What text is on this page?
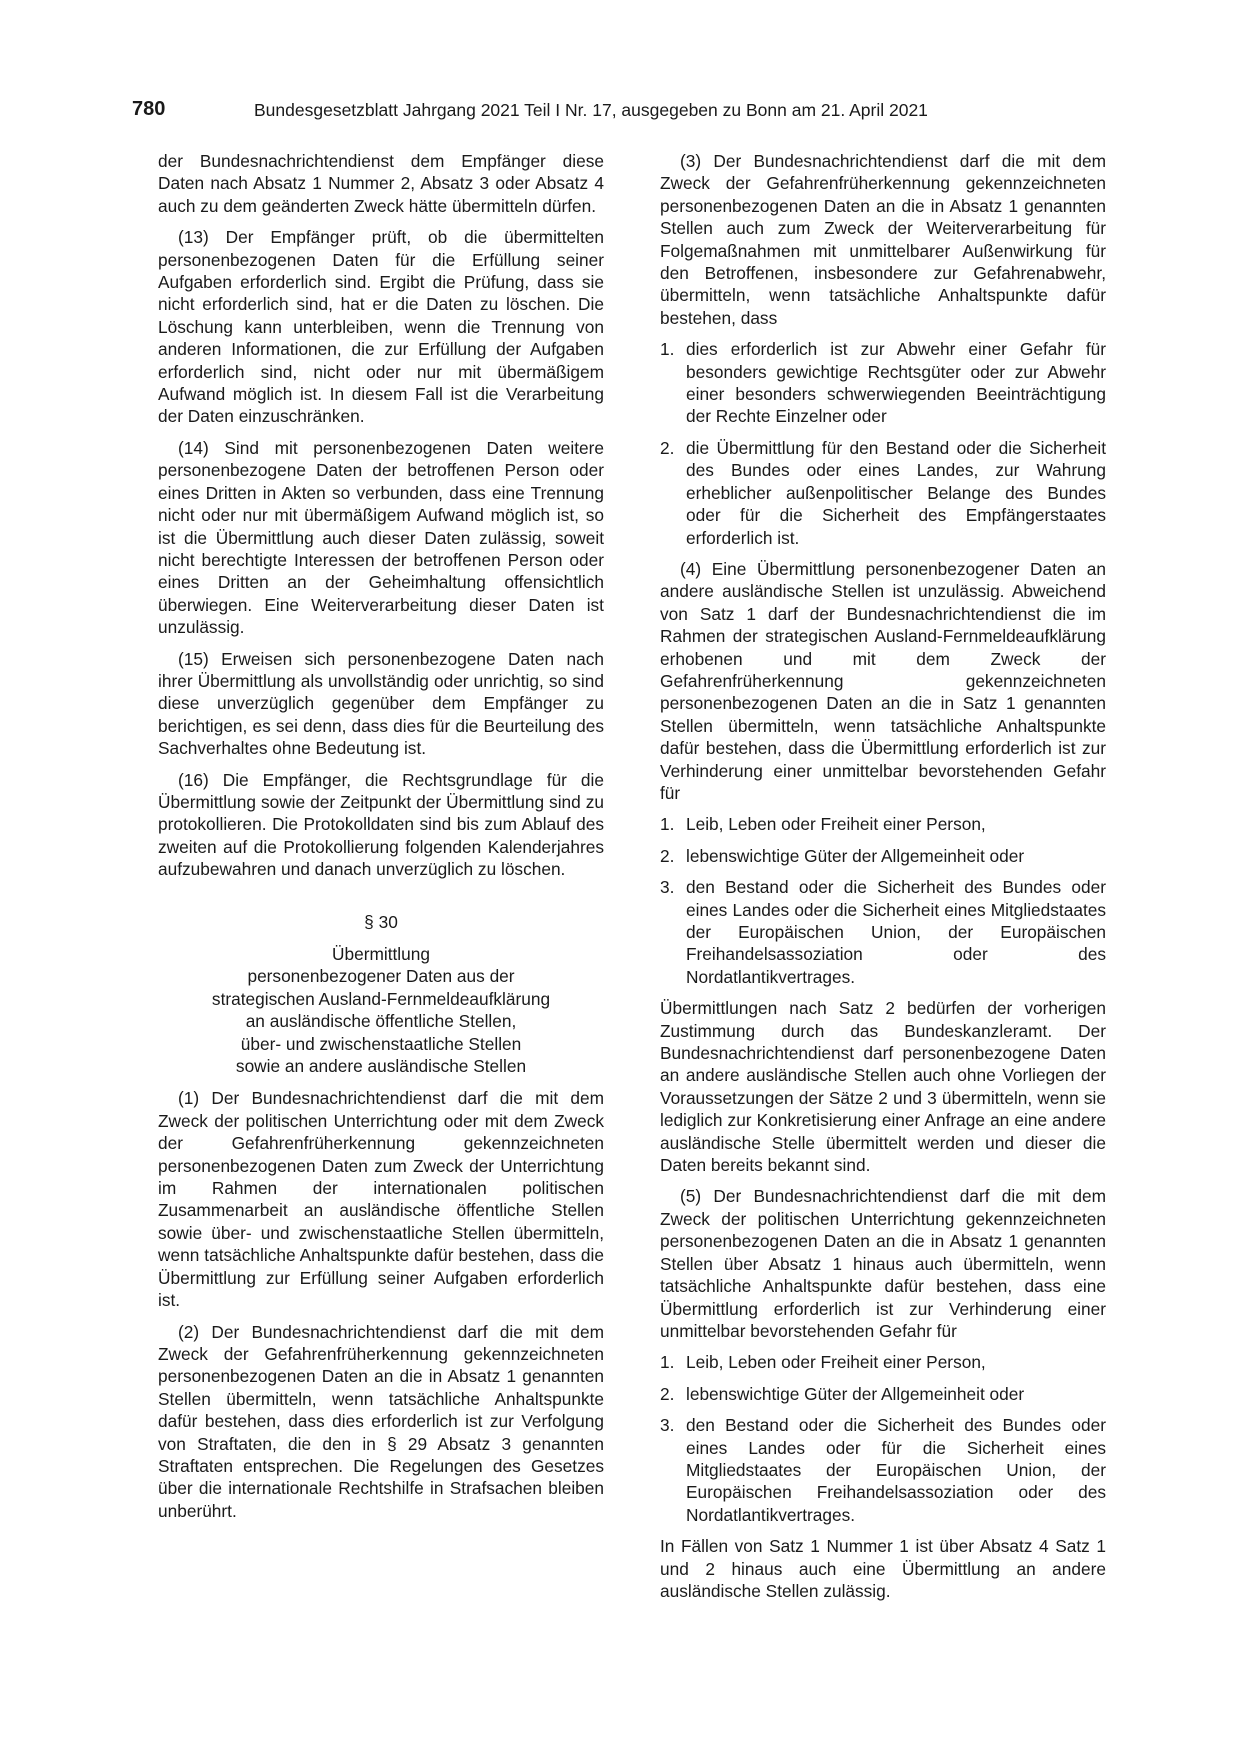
780	Bundesgesetzblatt Jahrgang 2021 Teil I Nr. 17, ausgegeben zu Bonn am 21. April 2021

der Bundesnachrichtendienst dem Empfänger diese Daten nach Absatz 1 Nummer 2, Absatz 3 oder Absatz 4 auch zu dem geänderten Zweck hätte übermitteln dürfen.

(13) Der Empfänger prüft, ob die übermittelten personenbezogenen Daten für die Erfüllung seiner Aufgaben erforderlich sind. Ergibt die Prüfung, dass sie nicht erforderlich sind, hat er die Daten zu löschen. Die Löschung kann unterbleiben, wenn die Trennung von anderen Informationen, die zur Erfüllung der Aufgaben erforderlich sind, nicht oder nur mit übermäßigem Aufwand möglich ist. In diesem Fall ist die Verarbeitung der Daten einzuschränken.

(14) Sind mit personenbezogenen Daten weitere personenbezogene Daten der betroffenen Person oder eines Dritten in Akten so verbunden, dass eine Trennung nicht oder nur mit übermäßigem Aufwand möglich ist, so ist die Übermittlung auch dieser Daten zulässig, soweit nicht berechtigte Interessen der betroffenen Person oder eines Dritten an der Geheimhaltung offensichtlich überwiegen. Eine Weiterverarbeitung dieser Daten ist unzulässig.

(15) Erweisen sich personenbezogene Daten nach ihrer Übermittlung als unvollständig oder unrichtig, so sind diese unverzüglich gegenüber dem Empfänger zu berichtigen, es sei denn, dass dies für die Beurteilung des Sachverhaltes ohne Bedeutung ist.

(16) Die Empfänger, die Rechtsgrundlage für die Übermittlung sowie der Zeitpunkt der Übermittlung sind zu protokollieren. Die Protokolldaten sind bis zum Ablauf des zweiten auf die Protokollierung folgenden Kalenderjahres aufzubewahren und danach unverzüglich zu löschen.

§ 30
Übermittlung
personenbezogener Daten aus der
strategischen Ausland-Fernmeldeaufklärung
an ausländische öffentliche Stellen,
über- und zwischenstaatliche Stellen
sowie an andere ausländische Stellen

(1) Der Bundesnachrichtendienst darf die mit dem Zweck der politischen Unterrichtung oder mit dem Zweck der Gefahrenfrüherkennung gekennzeichneten personenbezogenen Daten zum Zweck der Unterrichtung im Rahmen der internationalen politischen Zusammenarbeit an ausländische öffentliche Stellen sowie über- und zwischenstaatliche Stellen übermitteln, wenn tatsächliche Anhaltspunkte dafür bestehen, dass die Übermittlung zur Erfüllung seiner Aufgaben erforderlich ist.

(2) Der Bundesnachrichtendienst darf die mit dem Zweck der Gefahrenfrüherkennung gekennzeichneten personenbezogenen Daten an die in Absatz 1 genannten Stellen übermitteln, wenn tatsächliche Anhaltspunkte dafür bestehen, dass dies erforderlich ist zur Verfolgung von Straftaten, die den in § 29 Absatz 3 genannten Straftaten entsprechen. Die Regelungen des Gesetzes über die internationale Rechtshilfe in Strafsachen bleiben unberührt.

(3) Der Bundesnachrichtendienst darf die mit dem Zweck der Gefahrenfrüherkennung gekennzeichneten personenbezogenen Daten an die in Absatz 1 genannten Stellen auch zum Zweck der Weiterverarbeitung für Folgemaßnahmen mit unmittelbarer Außenwirkung für den Betroffenen, insbesondere zur Gefahrenabwehr, übermitteln, wenn tatsächliche Anhaltspunkte dafür bestehen, dass

1. dies erforderlich ist zur Abwehr einer Gefahr für besonders gewichtige Rechtsgüter oder zur Abwehr einer besonders schwerwiegenden Beeinträchtigung der Rechte Einzelner oder
2. die Übermittlung für den Bestand oder die Sicherheit des Bundes oder eines Landes, zur Wahrung erheblicher außenpolitischer Belange des Bundes oder für die Sicherheit des Empfängerstaates erforderlich ist.

(4) Eine Übermittlung personenbezogener Daten an andere ausländische Stellen ist unzulässig. Abweichend von Satz 1 darf der Bundesnachrichtendienst die im Rahmen der strategischen Ausland-Fernmeldeaufklärung erhobenen und mit dem Zweck der Gefahrenfrüherkennung gekennzeichneten personenbezogenen Daten an die in Satz 1 genannten Stellen übermitteln, wenn tatsächliche Anhaltspunkte dafür bestehen, dass die Übermittlung erforderlich ist zur Verhinderung einer unmittelbar bevorstehenden Gefahr für

1. Leib, Leben oder Freiheit einer Person,
2. lebenswichtige Güter der Allgemeinheit oder
3. den Bestand oder die Sicherheit des Bundes oder eines Landes oder die Sicherheit eines Mitgliedstaates der Europäischen Union, der Europäischen Freihandelsassoziation oder des Nordatlantikvertrages.

Übermittlungen nach Satz 2 bedürfen der vorherigen Zustimmung durch das Bundeskanzleramt. Der Bundesnachrichtendienst darf personenbezogene Daten an andere ausländische Stellen auch ohne Vorliegen der Voraussetzungen der Sätze 2 und 3 übermitteln, wenn sie lediglich zur Konkretisierung einer Anfrage an eine andere ausländische Stelle übermittelt werden und dieser die Daten bereits bekannt sind.

(5) Der Bundesnachrichtendienst darf die mit dem Zweck der politischen Unterrichtung gekennzeichneten personenbezogenen Daten an die in Absatz 1 genannten Stellen über Absatz 1 hinaus auch übermitteln, wenn tatsächliche Anhaltspunkte dafür bestehen, dass eine Übermittlung erforderlich ist zur Verhinderung einer unmittelbar bevorstehenden Gefahr für

1. Leib, Leben oder Freiheit einer Person,
2. lebenswichtige Güter der Allgemeinheit oder
3. den Bestand oder die Sicherheit des Bundes oder eines Landes oder für die Sicherheit eines Mitgliedstaates der Europäischen Union, der Europäischen Freihandelsassoziation oder des Nordatlantikvertrages.

In Fällen von Satz 1 Nummer 1 ist über Absatz 4 Satz 1 und 2 hinaus auch eine Übermittlung an andere ausländische Stellen zulässig.
